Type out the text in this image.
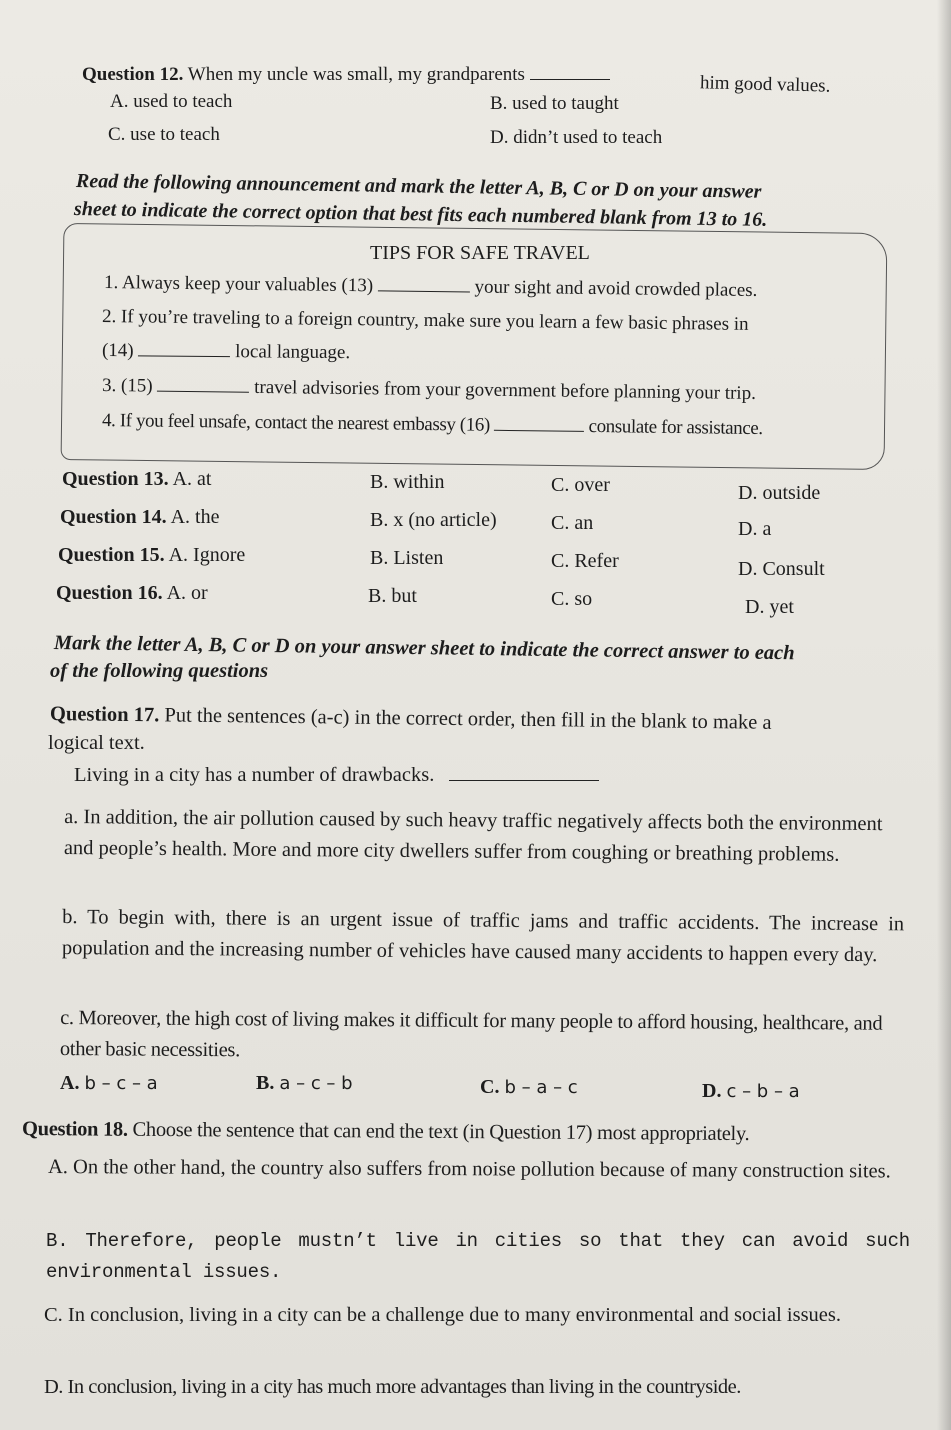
Question 12. When my uncle was small, my grandparents	him good values.
A. used to teach	B. used to taught
C. use to teach	D. didn’t used to teach
Read the following announcement and mark the letter A, B, C or D on your answer
sheet to indicate the correct option that best fits each numbered blank from 13 to 16.
TIPS FOR SAFE TRAVEL
1. Always keep your valuables (13)	your sight and avoid crowded places.
2. If you’re traveling to a foreign country, make sure you learn a few basic phrases in
(14)	local language.
3. (15)	travel advisories from your government before planning your trip.
4. If you feel unsafe, contact the nearest embassy (16)	consulate for assistance.
Question 13. A. at	B. within	C. over	D. outside
Question 14. A. the	B. x (no article)	C. an	D. a
Question 15. A. Ignore	B. Listen	C. Refer	D. Consult
Question 16. A. or	B. but	C. so	D. yet
Mark the letter A, B, C or D on your answer sheet to indicate the correct answer to each
of the following questions
Question 17. Put the sentences (a-c) in the correct order, then fill in the blank to make a
logical text.
Living in a city has a number of drawbacks.
a. In addition, the air pollution caused by such heavy traffic negatively affects both the environment and people’s health. More and more city dwellers suffer from coughing or breathing problems.
b. To begin with, there is an urgent issue of traffic jams and traffic accidents. The increase in population and the increasing number of vehicles have caused many accidents to happen every day.
c. Moreover, the high cost of living makes it difficult for many people to afford housing, healthcare, and other basic necessities.
A. b – c – a	B. a – c – b	C. b – a – c	D. c – b – a
Question 18. Choose the sentence that can end the text (in Question 17) most appropriately.
A. On the other hand, the country also suffers from noise pollution because of many construction sites.
B. Therefore, people mustn’t live in cities so that they can avoid such environmental issues.
C. In conclusion, living in a city can be a challenge due to many environmental and social issues.
D. In conclusion, living in a city has much more advantages than living in the countryside.
